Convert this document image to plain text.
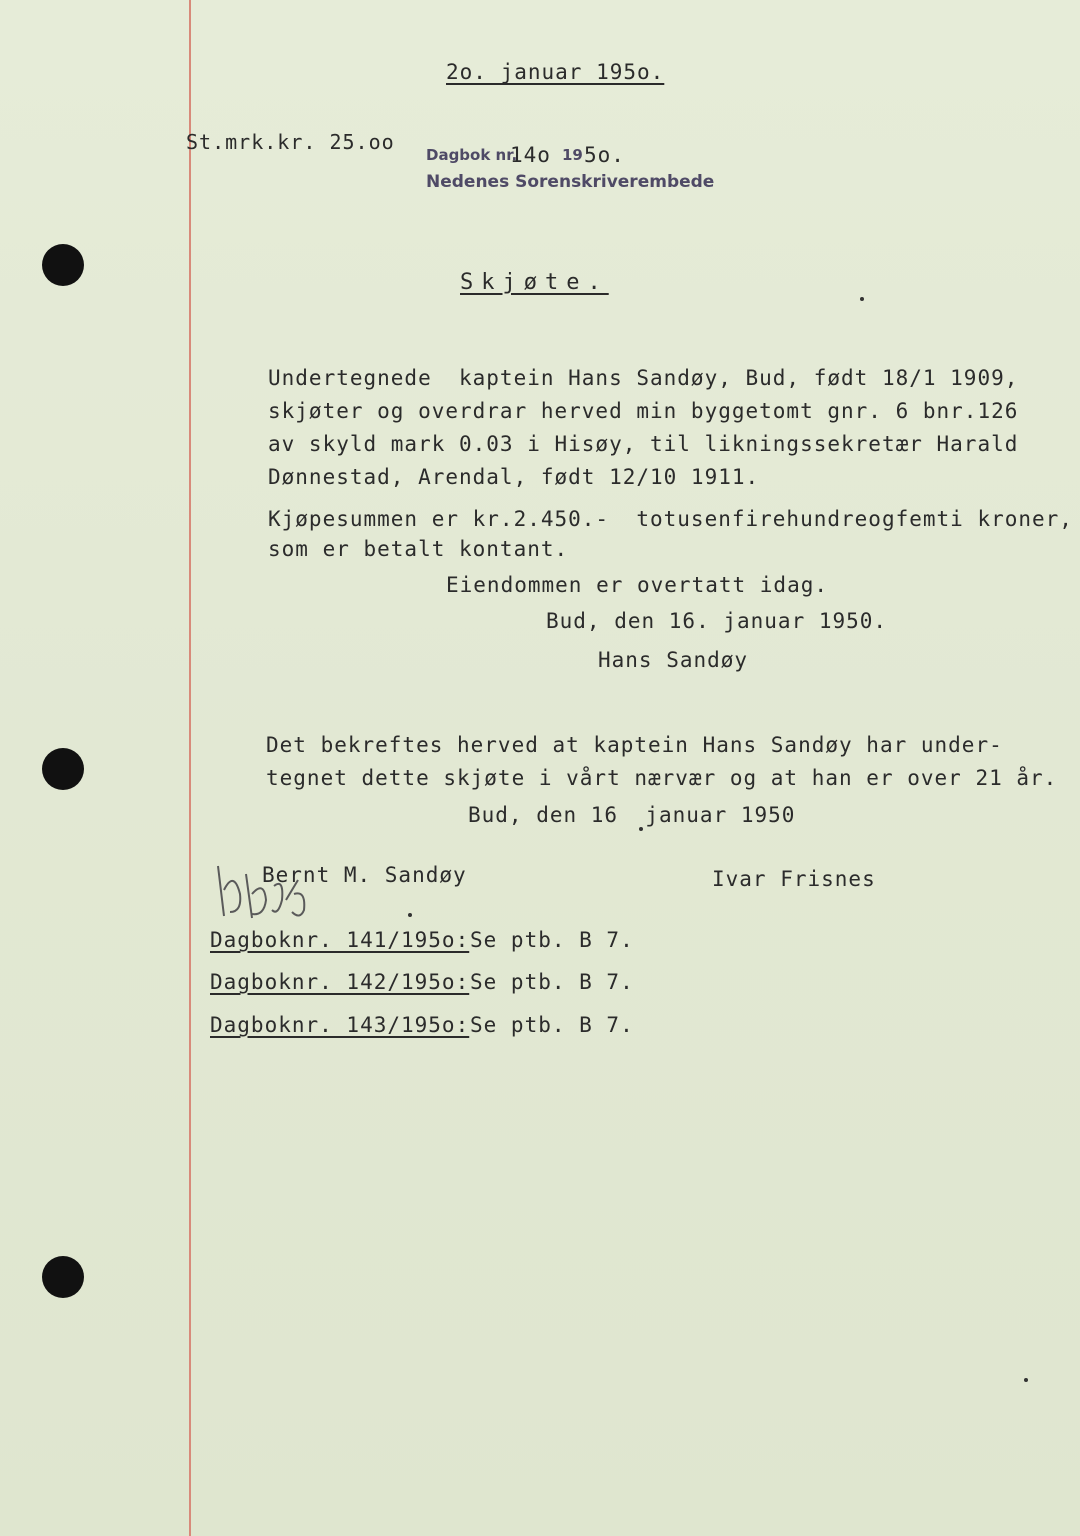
2o. januar 195o.
St.mrk.kr. 25.oo
Dagbok nr.
14o 19 5o.
Nedenes Sorenskriverembede
Skjøte.
Undertegnede  kaptein Hans Sandøy, Bud, født 18/1 1909,
skjøter og overdrar herved min byggetomt gnr. 6 bnr.126
av skyld mark 0.03 i Hisøy, til likningssekretær Harald
Dønnestad, Arendal, født 12/10 1911.
Kjøpesummen er kr.2.450.-  totusenfirehundreogfemti kroner,
som er betalt kontant.
Eiendommen er overtatt idag.
Bud, den 16. januar 1950.
Hans Sandøy
Det bekreftes herved at kaptein Hans Sandøy har under-
tegnet dette skjøte i vårt nærvær og at han er over 21 år.
Bud, den 16  januar 1950
Bernt M. Sandøy	Ivar Frisnes
Dagboknr. 141/195o: Se ptb. B 7.
Dagboknr. 142/195o: Se ptb. B 7.
Dagboknr. 143/195o: Se ptb. B 7.
